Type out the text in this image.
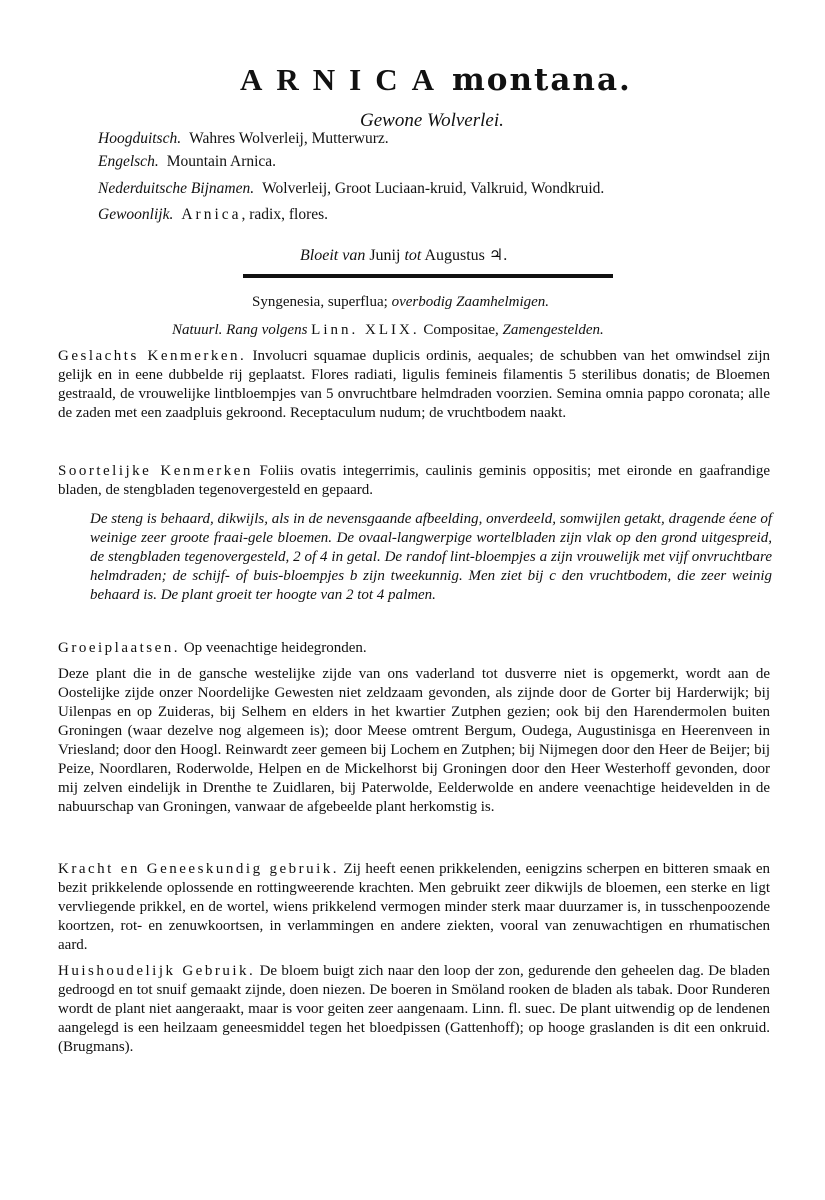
ARNICA montana.
Gewone Wolverlei.
Hoogduitsch. Wahres Wolverleij, Mutterwurz.
Engelsch. Mountain Arnica.
Nederduitsche Bijnamen. Wolverleij, Groot Luciaan-kruid, Valkruid, Wondkruid.
Gewoonlijk. Arnica, radix, flores.
Bloeit van Junij tot Augustus ♃.
Syngenesia, superflua; overbodig Zaamhelmigen.
Natuurl. Rang volgens Linn. XLIX. Compositae, Zamengestelden.
Geslachts Kenmerken. Involucri squamae duplicis ordinis, aequales; de schubben van het omwindsel zijn gelijk en in eene dubbelde rij geplaatst. Flores radiati, ligulis femineis filamentis 5 sterilibus donatis; de Bloemen gestraald, de vrouwelijke lintbloempjes van 5 onvruchtbare helmdraden voorzien. Semina omnia pappo coronata; alle de zaden met een zaadpluis gekroond. Receptaculum nudum; de vruchtbodem naakt.
Soortelijke Kenmerken Foliis ovatis integerrimis, caulinis geminis oppositis; met eironde en gaafrandige bladen, de stengbladen tegenovergesteld en gepaard.
De steng is behaard, dikwijls, als in de nevensgaande afbeelding, onverdeeld, somwijlen getakt, dragende éene of weinige zeer groote fraai-gele bloemen. De ovaal-langwerpige wortelbladen zijn vlak op den grond uitgespreid, de stengbladen tegenovergesteld, 2 of 4 in getal. De randof lint-bloempjes a zijn vrouwelijk met vijf onvruchtbare helmdraden; de schijf- of buis-bloempjes b zijn tweekunnig. Men ziet bij c den vruchtbodem, die zeer weinig behaard is. De plant groeit ter hoogte van 2 tot 4 palmen.
Groeiplaatsen. Op veenachtige heidegronden.
Deze plant die in de gansche westelijke zijde van ons vaderland tot dusverre niet is opgemerkt, wordt aan de Oostelijke zijde onzer Noordelijke Gewesten niet zeldzaam gevonden, als zijnde door de Gorter bij Harderwijk; bij Uilenpas en op Zuideras, bij Selhem en elders in het kwartier Zutphen gezien; ook bij den Harendermolen buiten Groningen (waar dezelve nog algemeen is); door Meese omtrent Bergum, Oudega, Augustinisga en Heerenveen in Vriesland; door den Hoogl. Reinwardt zeer gemeen bij Lochem en Zutphen; bij Nijmegen door den Heer de Beijer; bij Peize, Noordlaren, Roderwolde, Helpen en de Mickelhorst bij Groningen door den Heer Westerhoff gevonden, door mij zelven eindelijk in Drenthe te Zuidlaren, bij Paterwolde, Eelderwolde en andere veenachtige heidevelden in de nabuurschap van Groningen, vanwaar de afgebeelde plant herkomstig is.
Kracht en Geneeskundig gebruik. Zij heeft eenen prikkelenden, eenigzins scherpen en bitteren smaak en bezit prikkelende oplossende en rottingweerende krachten. Men gebruikt zeer dikwijls de bloemen, een sterke en ligt vervliegende prikkel, en de wortel, wiens prikkelend vermogen minder sterk maar duurzamer is, in tusschenpoozende koortzen, rot- en zenuwkoortsen, in verlammingen en andere ziekten, vooral van zenuwachtigen en rhumatischen aard.
Huishoudelijk Gebruik. De bloem buigt zich naar den loop der zon, gedurende den geheelen dag. De bladen gedroogd en tot snuif gemaakt zijnde, doen niezen. De boeren in Smöland rooken de bladen als tabak. Door Runderen wordt de plant niet aangeraakt, maar is voor geiten zeer aangenaam. Linn. fl. suec. De plant uitwendig op de lendenen aangelegd is een heilzaam geneesmiddel tegen het bloedpissen (Gattenhoff); op hooge graslanden is dit een onkruid. (Brugmans).
